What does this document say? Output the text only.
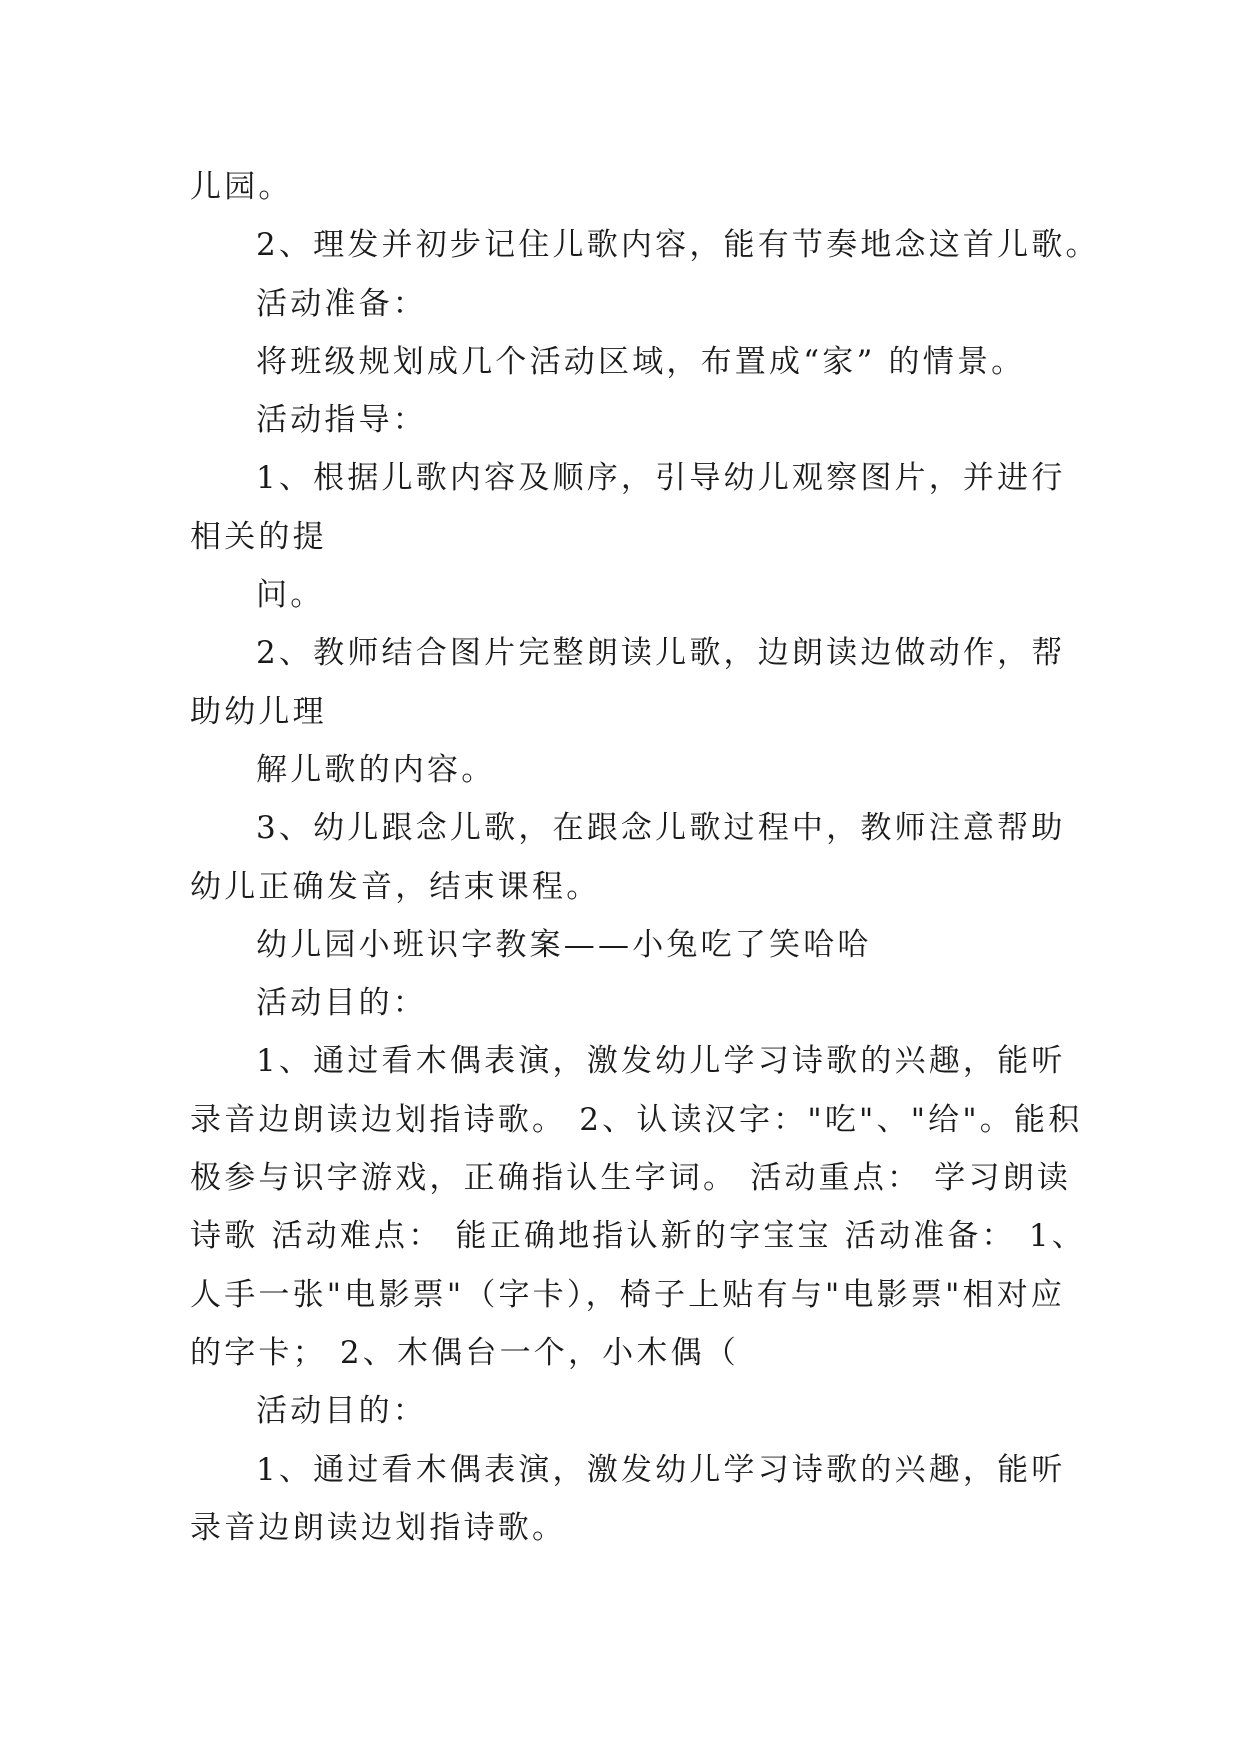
儿园。
2、理发并初步记住儿歌内容，能有节奏地念这首儿歌。
活动准备：
将班级规划成几个活动区域，布置成“家” 的情景。
活动指导：
1、根据儿歌内容及顺序，引导幼儿观察图片，并进行
相关的提
问。
2、教师结合图片完整朗读儿歌，边朗读边做动作，帮
助幼儿理
解儿歌的内容。
3、幼儿跟念儿歌，在跟念儿歌过程中，教师注意帮助
幼儿正确发音，结束课程。
幼儿园小班识字教案——小兔吃了笑哈哈
活动目的：
1、通过看木偶表演，激发幼儿学习诗歌的兴趣，能听
录音边朗读边划指诗歌。 2、认读汉字："吃"、"给"。能积
极参与识字游戏，正确指认生字词。 活动重点： 学习朗读
诗歌 活动难点： 能正确地指认新的字宝宝 活动准备： 1、
人手一张"电影票"（字卡），椅子上贴有与"电影票"相对应
的字卡； 2、木偶台一个，小木偶（
活动目的：
1、通过看木偶表演，激发幼儿学习诗歌的兴趣，能听
录音边朗读边划指诗歌。
